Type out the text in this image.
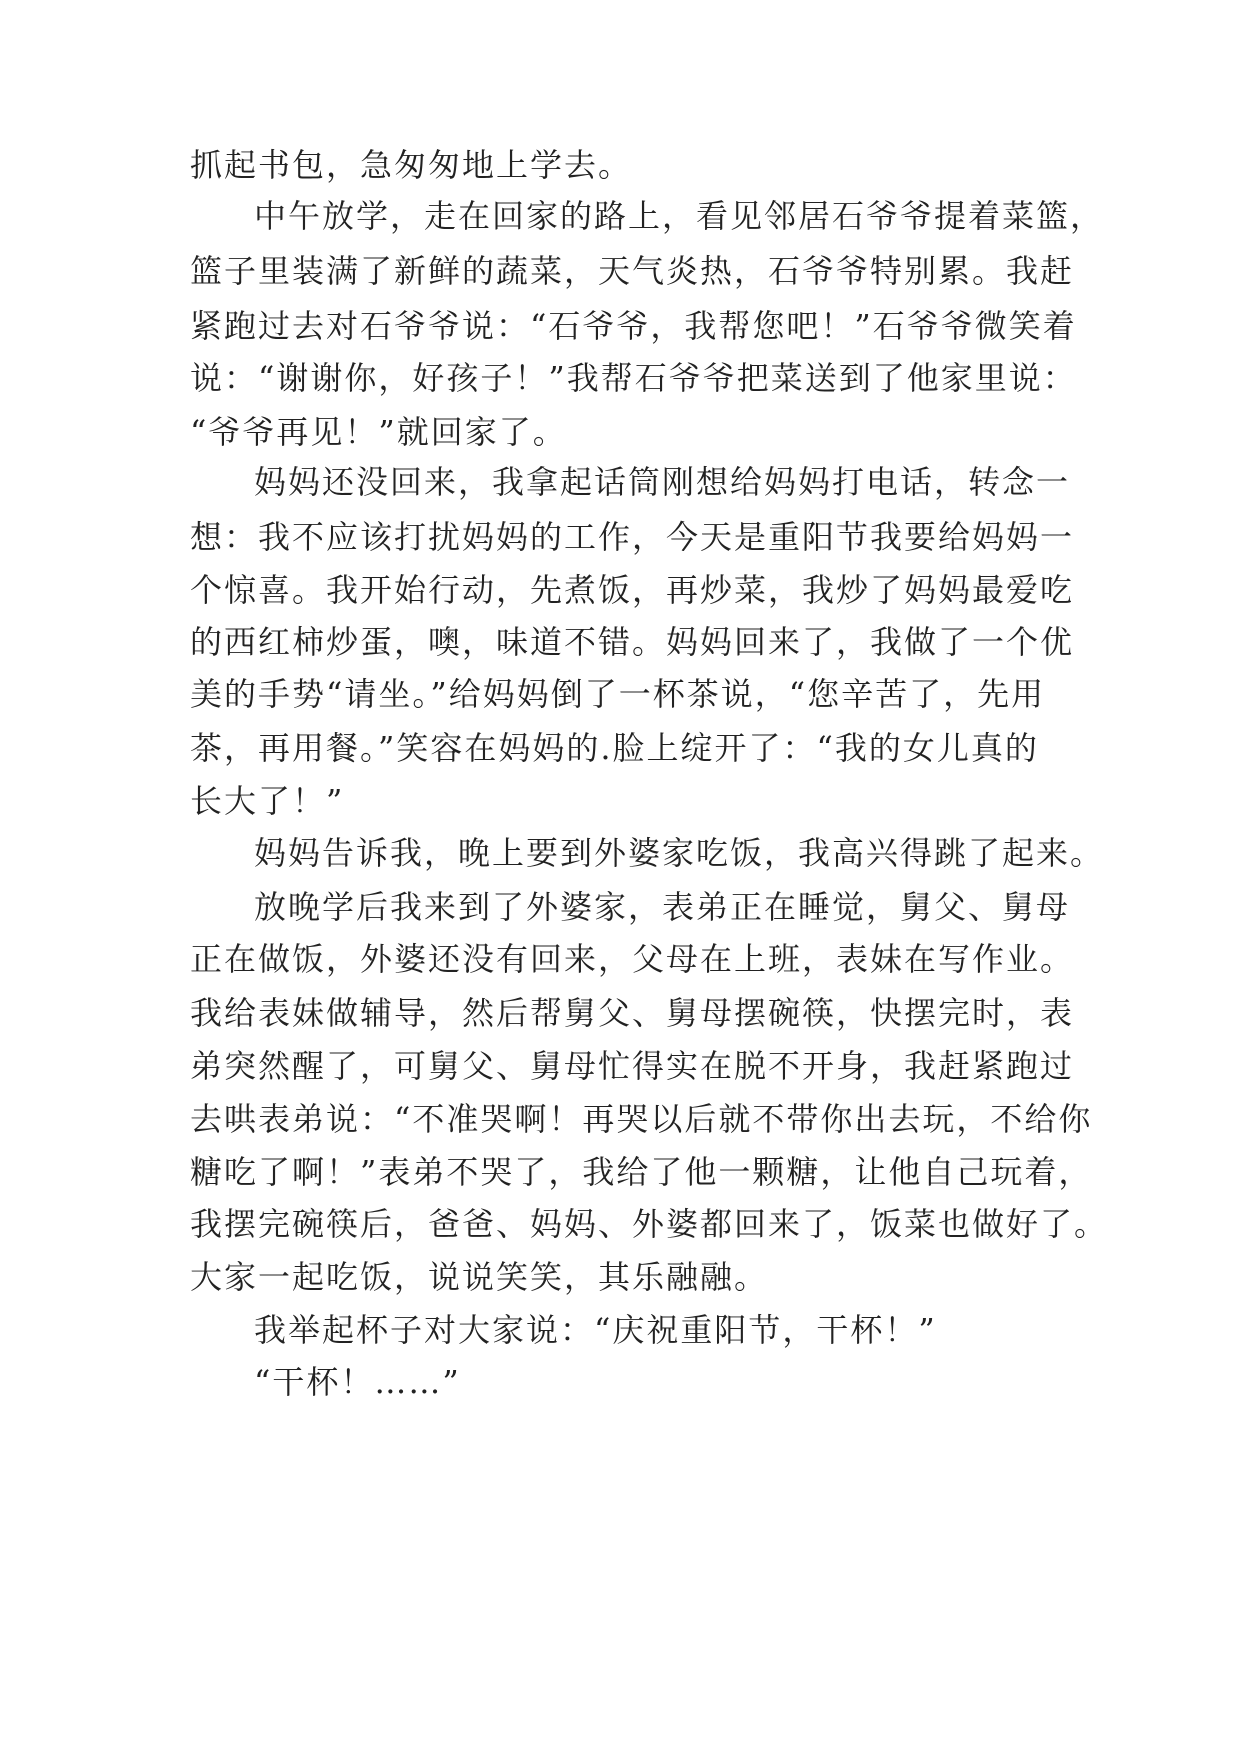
抓起书包，急匆匆地上学去。
中午放学，走在回家的路上，看见邻居石爷爷提着菜篮，
篮子里装满了新鲜的蔬菜，天气炎热，石爷爷特别累。我赶
紧跑过去对石爷爷说：“石爷爷，我帮您吧！”石爷爷微笑着
说：“谢谢你，好孩子！”我帮石爷爷把菜送到了他家里说：
“爷爷再见！”就回家了。
妈妈还没回来，我拿起话筒刚想给妈妈打电话，转念一
想：我不应该打扰妈妈的工作，今天是重阳节我要给妈妈一
个惊喜。我开始行动，先煮饭，再炒菜，我炒了妈妈最爱吃
的西红柿炒蛋，噢，味道不错。妈妈回来了，我做了一个优
美的手势“请坐。”给妈妈倒了一杯茶说，“您辛苦了，先用
茶，再用餐。”笑容在妈妈的.脸上绽开了：“我的女儿真的
长大了！”
妈妈告诉我，晚上要到外婆家吃饭，我高兴得跳了起来。
放晚学后我来到了外婆家，表弟正在睡觉，舅父、舅母
正在做饭，外婆还没有回来，父母在上班，表妹在写作业。
我给表妹做辅导，然后帮舅父、舅母摆碗筷，快摆完时，表
弟突然醒了，可舅父、舅母忙得实在脱不开身，我赶紧跑过
去哄表弟说：“不准哭啊！再哭以后就不带你出去玩，不给你
糖吃了啊！”表弟不哭了，我给了他一颗糖，让他自己玩着，
我摆完碗筷后，爸爸、妈妈、外婆都回来了，饭菜也做好了。
大家一起吃饭，说说笑笑，其乐融融。
我举起杯子对大家说：“庆祝重阳节，干杯！”
“干杯！……”
